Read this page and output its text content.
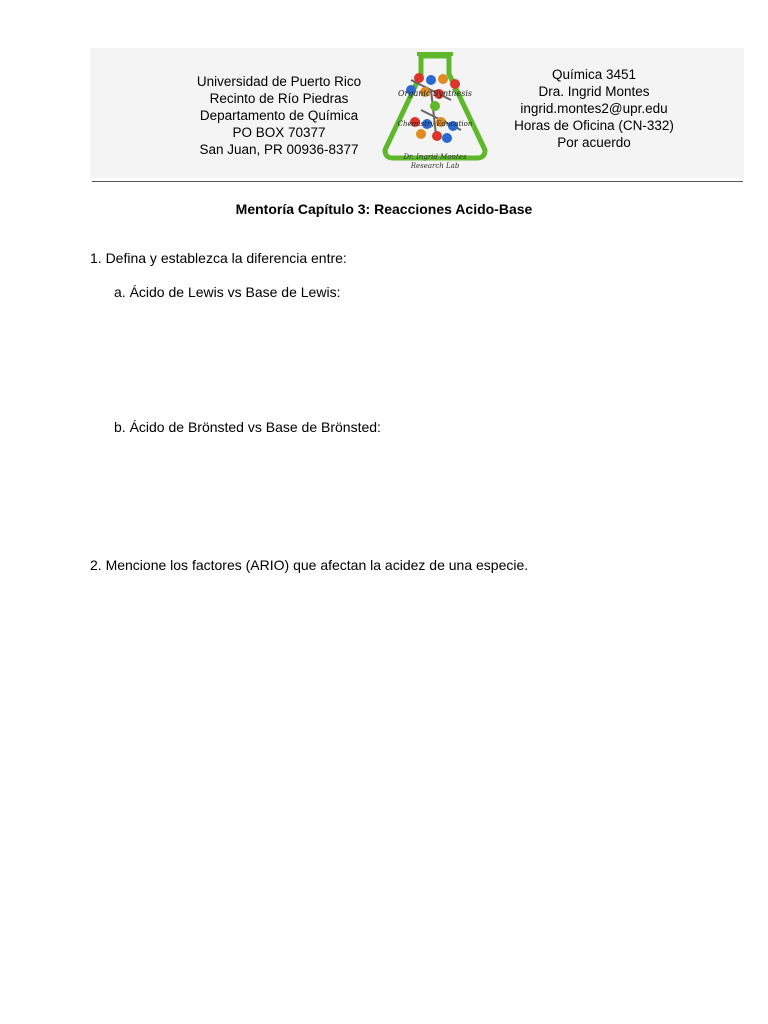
Universidad de Puerto Rico
Recinto de Río Piedras
Departamento de Química
PO BOX 70377
San Juan, PR 00936-8377
Organic Synthesis
Chemistry Education
Dr. Ingrid Montes
Research Lab
Química 3451
Dra. Ingrid Montes
ingrid.montes2@upr.edu
Horas de Oficina (CN-332)
Por acuerdo
Mentoría Capítulo 3: Reacciones Acido-Base
1. Defina y establezca la diferencia entre:
a. Ácido de Lewis vs Base de Lewis:
b. Ácido de Brönsted vs Base de Brönsted:
2. Mencione los factores (ARIO) que afectan la acidez de una especie.
